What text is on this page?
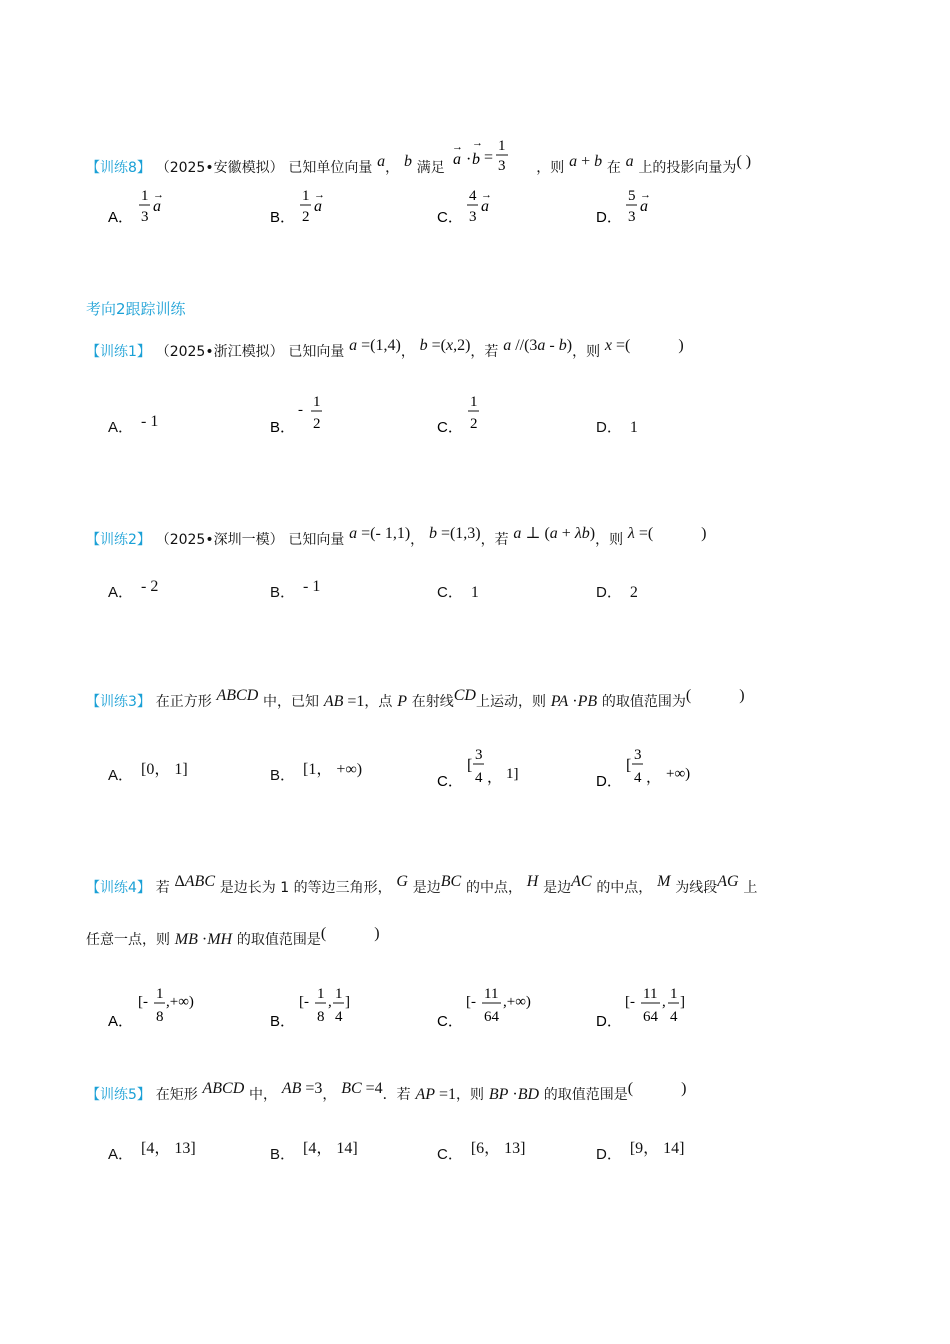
【训练8】 （2025•安徽模拟） 已知单位向量 a， b 满足
→ →
a · b =
1
3 ，则 a + b 在 a 上的投影向量为( )
A．
1
3
→
a
B．
1
2
→
a
C．
4
3
→
a
D．
5
3
→
a
考向2跟踪训练
【训练1】 （2025•浙江模拟） 已知向量 a =(1,4)， b =(x,2)，若 a //(3a - b)，则 x =(　　　)
A． - 1	B．
- 1
2	C．
1
2	D． 1
【训练2】 （2025•深圳一模） 已知向量 a =(- 1,1)， b =(1,3)，若 a ⊥ (a + λb)，则 λ =(　　　)
A． - 2	B． - 1	C． 1	D． 2
【训练3】 在正方形 ABCD 中，已知 AB =1，点 P 在射线CD上运动，则 PA ·PB 的取值范围为(　　　)
A． [0， 1]	B． [1， +∞)
C．
[
3
4 ， 1]	D．
[
3
4 ， +∞)
【训练4】 若 ΔABC 是边长为 1 的等边三角形， G 是边BC 的中点， H 是边AC 的中点， M 为线段AG 上
任意一点，则 MB ·MH 的取值范围是(　　　)
A．
[- 1
8
,+∞)
B．
[- 1
8
, 1
4
]
C．
[- 11
64
,+∞)
D．
[- 11
64
, 1
4
]
【训练5】 在矩形 ABCD 中， AB =3， BC =4．若 AP =1，则 BP ·BD 的取值范围是(　　　)
A． [4， 13]	B． [4， 14]	C． [6， 13]	D． [9， 14]
